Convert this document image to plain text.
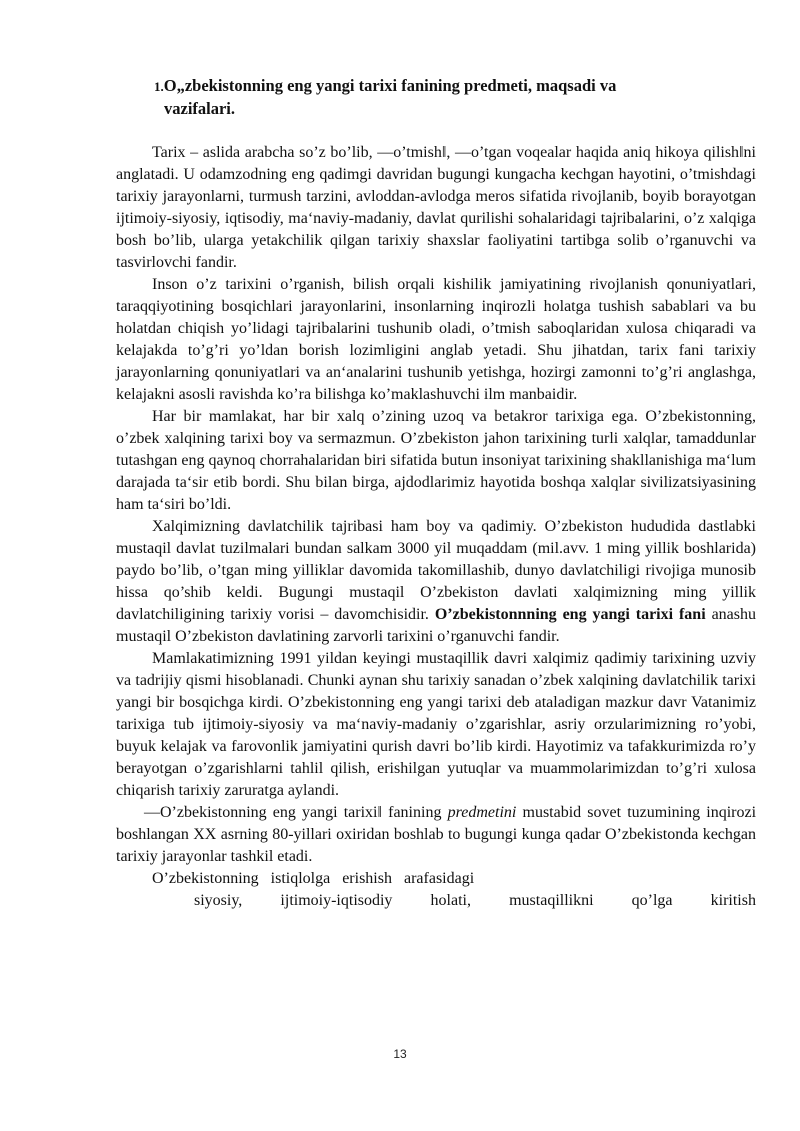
1.O„zbekistonning eng yangi tarixi fanining predmeti, maqsadi va
vazifalari.

Tarix – aslida arabcha so’z bo’lib, ―o’tmish‖, ―o’tgan voqealar haqida aniq hikoya qilish‖ni anglatadi. U odamzodning eng qadimgi davridan bugungi kungacha kechgan hayotini, o’tmishdagi tarixiy jarayonlarni, turmush tarzini, avloddan-avlodga meros sifatida rivojlanib, boyib borayotgan ijtimoiy-siyosiy, iqtisodiy, ma‘naviy-madaniy, davlat qurilishi sohalaridagi tajribalarini, o’z xalqiga bosh bo’lib, ularga yetakchilik qilgan tarixiy shaxslar faoliyatini tartibga solib o’rganuvchi va tasvirlovchi fandir.

Inson o’z tarixini o’rganish, bilish orqali kishilik jamiyatining rivojlanish qonuniyatlari, taraqqiyotining bosqichlari jarayonlarini, insonlarning inqirozli holatga tushish sabablari va bu holatdan chiqish yo’lidagi tajribalarini tushunib oladi, o’tmish saboqlaridan xulosa chiqaradi va kelajakda to’g’ri yo’ldan borish lozimligini anglab yetadi. Shu jihatdan, tarix fani tarixiy jarayonlarning qonuniyatlari va an‘analarini tushunib yetishga, hozirgi zamonni to’g’ri anglashga, kelajakni asosli ravishda ko’ra bilishga ko’maklashuvchi ilm manbaidir.

Har bir mamlakat, har bir xalq o’zining uzoq va betakror tarixiga ega. O’zbekistonning, o’zbek xalqining tarixi boy va sermazmun. O’zbekiston jahon tarixining turli xalqlar, tamaddunlar tutashgan eng qaynoq chorrahalaridan biri sifatida butun insoniyat tarixining shakllanishiga ma‘lum darajada ta‘sir etib bordi. Shu bilan birga, ajdodlarimiz hayotida boshqa xalqlar sivilizatsiyasining ham ta‘siri bo’ldi.

Xalqimizning davlatchilik tajribasi ham boy va qadimiy. O’zbekiston hududida dastlabki mustaqil davlat tuzilmalari bundan salkam 3000 yil muqaddam (mil.avv. 1 ming yillik boshlarida) paydo bo’lib, o’tgan ming yilliklar davomida takomillashib, dunyo davlatchiligi rivojiga munosib hissa qo’shib keldi. Bugungi mustaqil O’zbekiston davlati xalqimizning ming yillik davlatchiligining tarixiy vorisi – davomchisidir. O’zbekistonnning eng yangi tarixi fani anashu mustaqil O’zbekiston davlatining zarvorli tarixini o’rganuvchi fandir.

Mamlakatimizning 1991 yildan keyingi mustaqillik davri xalqimiz qadimiy tarixining uzviy va tadrijiy qismi hisoblanadi. Chunki aynan shu tarixiy sanadan o’zbek xalqining davlatchilik tarixi yangi bir bosqichga kirdi. O’zbekistonning eng yangi tarixi deb ataladigan mazkur davr Vatanimiz tarixiga tub ijtimoiy-siyosiy va ma‘naviy-madaniy o’zgarishlar, asriy orzularimizning ro’yobi, buyuk kelajak va farovonlik jamiyatini qurish davri bo’lib kirdi. Hayotimiz va tafakkurimizda ro’y berayotgan o’zgarishlarni tahlil qilish, erishilgan yutuqlar va muammolarimizdan to’g’ri xulosa chiqarish tarixiy zaruratga aylandi.

―O’zbekistonning eng yangi tarixi‖ fanining predmetini mustabid sovet tuzumining inqirozi boshlangan XX asrning 80-yillari oxiridan boshlab to bugungi kunga qadar O’zbekistonda kechgan tarixiy jarayonlar tashkil etadi.

O’zbekistonning   istiqlolga   erishish   arafasidagi

siyosiy, ijtimoiy-iqtisodiy holati, mustaqillikni qo’lga kiritish
13
